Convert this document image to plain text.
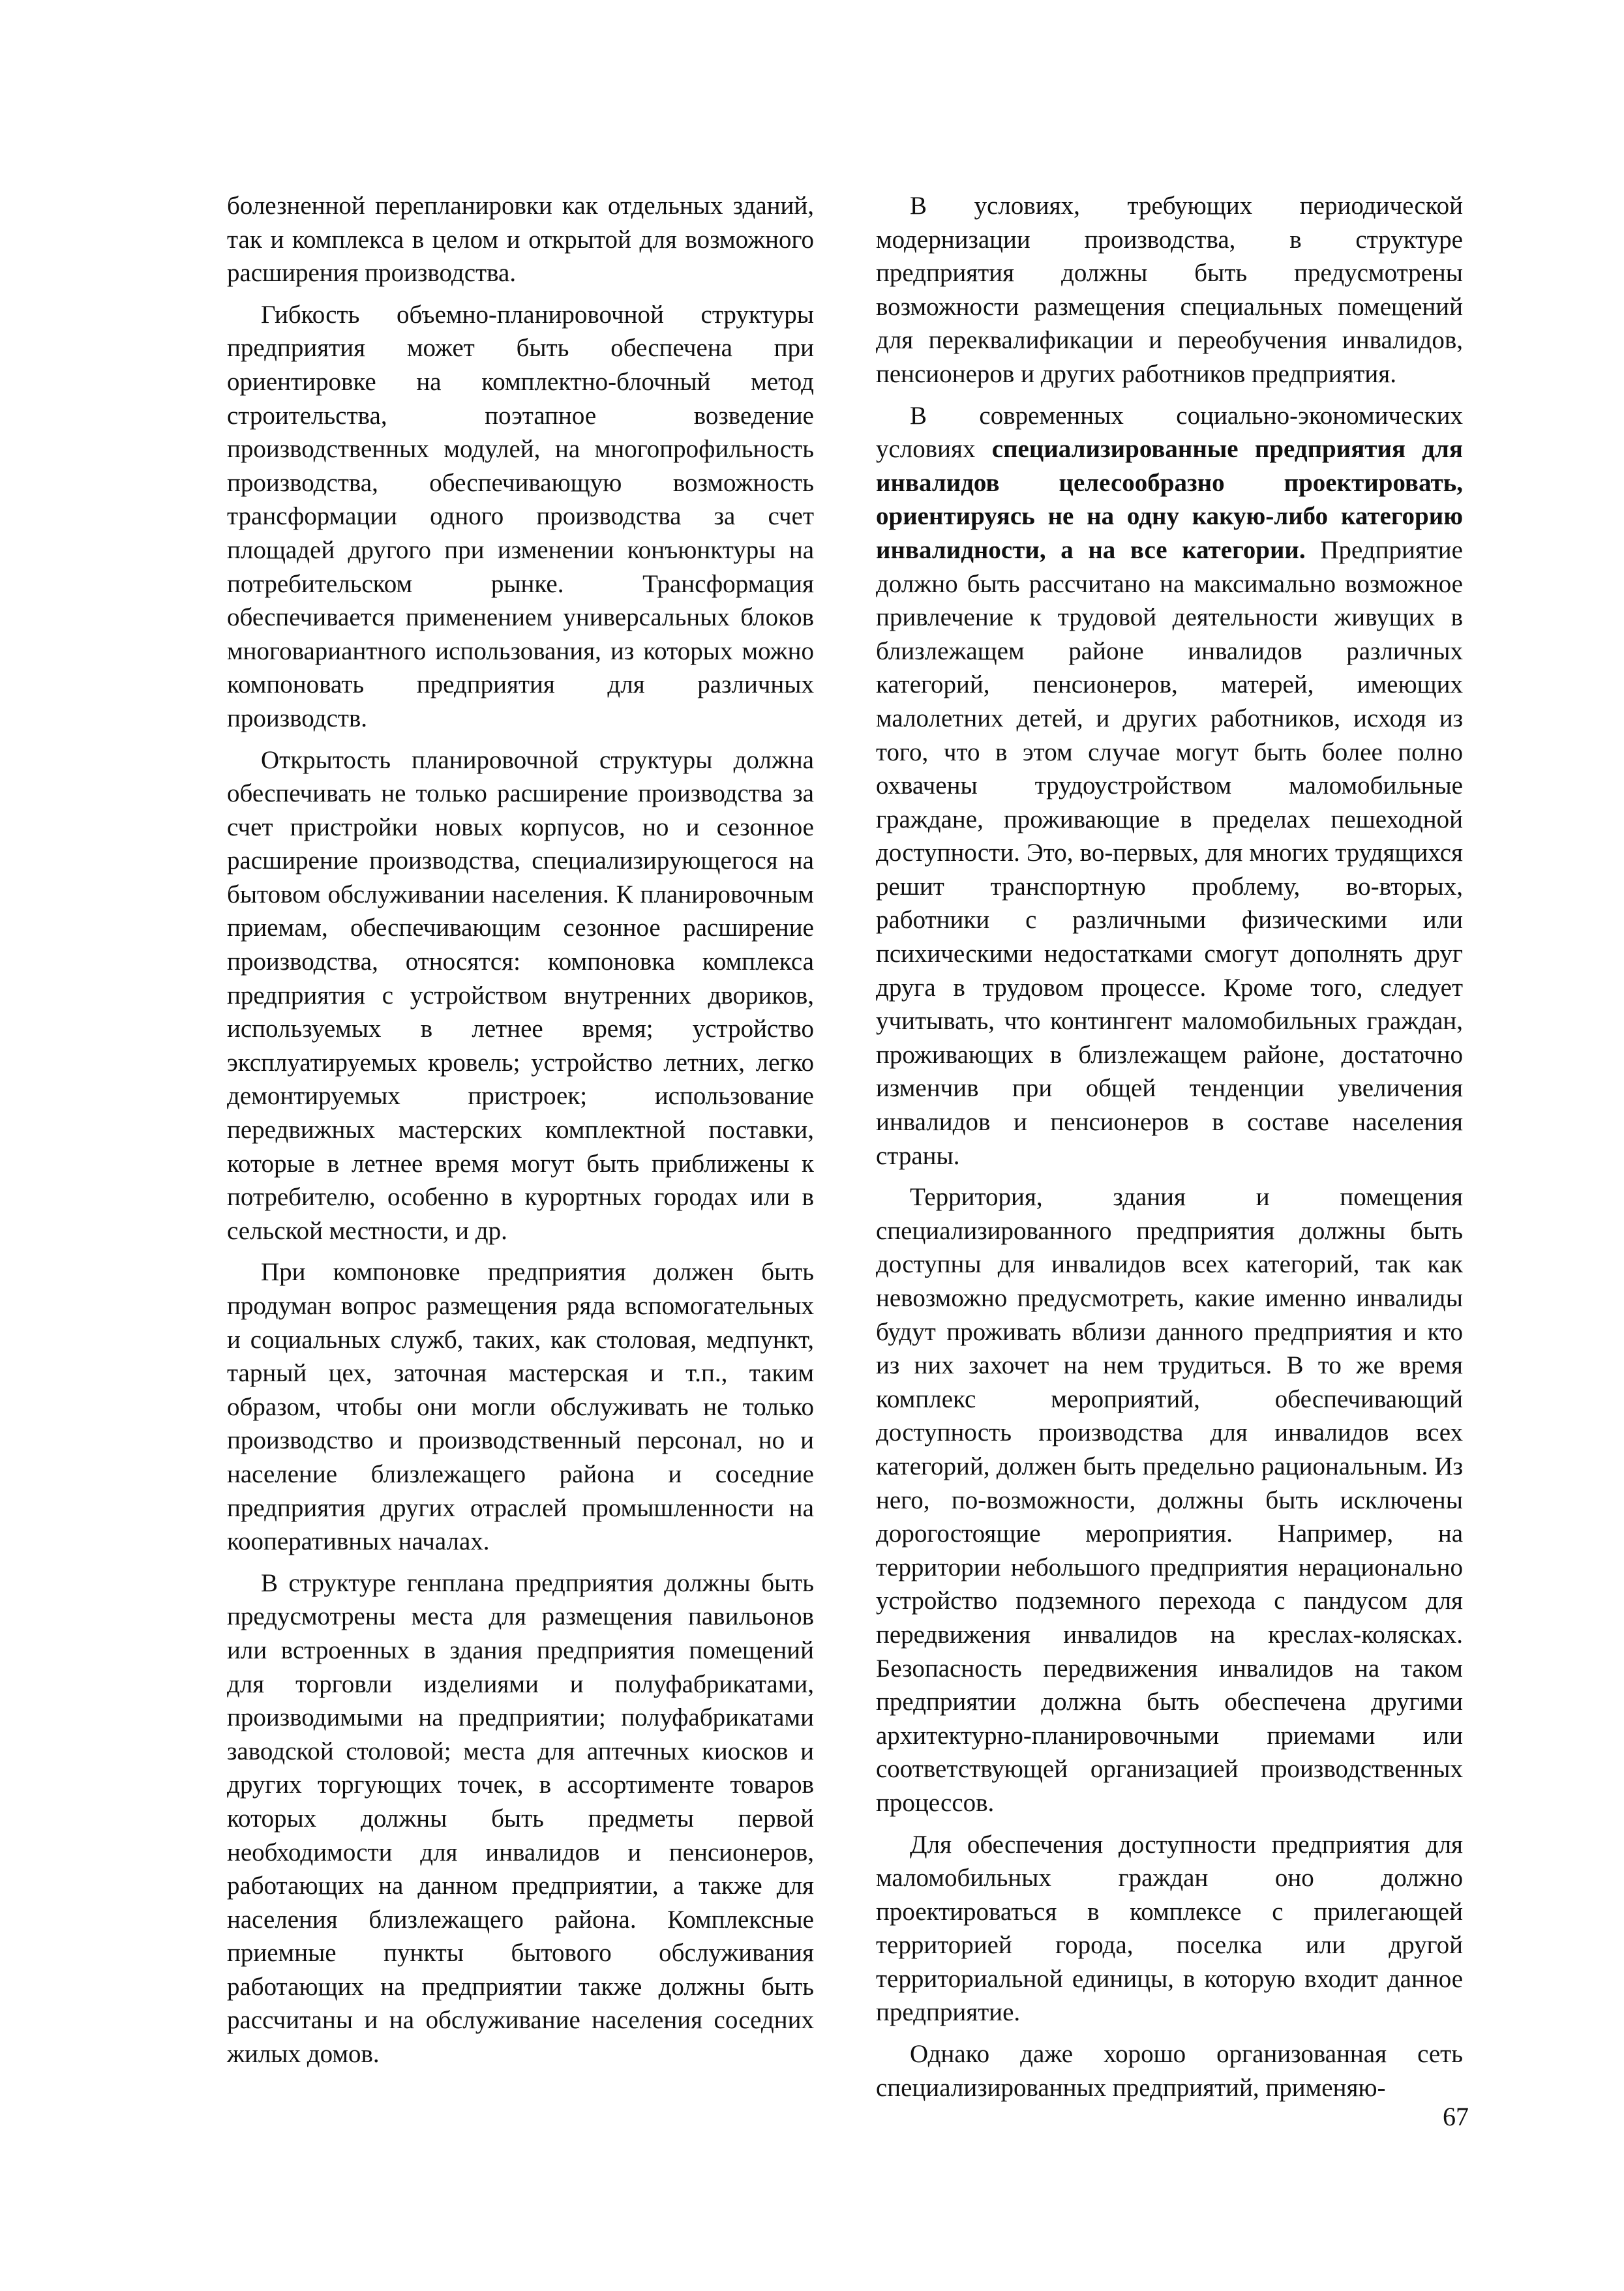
болезненной перепланировки как отдельных зданий, так и комплекса в целом и открытой для возможного расширения производства.

Гибкость объемно-планировочной структуры предприятия может быть обеспечена при ориентировке на комплектно-блочный метод строительства, поэтапное возведение производственных модулей, на многопрофильность производства, обеспечивающую возможность трансформации одного производства за счет площадей другого при изменении конъюнктуры на потребительском рынке. Трансформация обеспечивается применением универсальных блоков многовариантного использования, из которых можно компоновать предприятия для различных производств.

Открытость планировочной структуры должна обеспечивать не только расширение производства за счет пристройки новых корпусов, но и сезонное расширение производства, специализирующегося на бытовом обслуживании населения. К планировочным приемам, обеспечивающим сезонное расширение производства, относятся: компоновка комплекса предприятия с устройством внутренних двориков, используемых в летнее время; устройство эксплуатируемых кровель; устройство летних, легко демонтируемых пристроек; использование передвижных мастерских комплектной поставки, которые в летнее время могут быть приближены к потребителю, особенно в курортных городах или в сельской местности, и др.

При компоновке предприятия должен быть продуман вопрос размещения ряда вспомогательных и социальных служб, таких, как столовая, медпункт, тарный цех, заточная мастерская и т.п., таким образом, чтобы они могли обслуживать не только производство и производственный персонал, но и население близлежащего района и соседние предприятия других отраслей промышленности на кооперативных началах.

В структуре генплана предприятия должны быть предусмотрены места для размещения павильонов или встроенных в здания предприятия помещений для торговли изделиями и полуфабрикатами, производимыми на предприятии; полуфабрикатами заводской столовой; места для аптечных киосков и других торгующих точек, в ассортименте товаров которых должны быть предметы первой необходимости для инвалидов и пенсионеров, работающих на данном предприятии, а также для населения близлежащего района. Комплексные приемные пункты бытового обслуживания работающих на предприятии также должны быть рассчитаны и на обслуживание населения соседних жилых домов.

В условиях, требующих периодической модернизации производства, в структуре предприятия должны быть предусмотрены возможности размещения специальных помещений для переквалификации и переобучения инвалидов, пенсионеров и других работников предприятия.

В современных социально-экономических условиях специализированные предприятия для инвалидов целесообразно проектировать, ориентируясь не на одну какую-либо категорию инвалидности, а на все категории. Предприятие должно быть рассчитано на максимально возможное привлечение к трудовой деятельности живущих в близлежащем районе инвалидов различных категорий, пенсионеров, матерей, имеющих малолетних детей, и других работников, исходя из того, что в этом случае могут быть более полно охвачены трудоустройством маломобильные граждане, проживающие в пределах пешеходной доступности. Это, во-первых, для многих трудящихся решит транспортную проблему, во-вторых, работники с различными физическими или психическими недостатками смогут дополнять друг друга в трудовом процессе. Кроме того, следует учитывать, что контингент маломобильных граждан, проживающих в близлежащем районе, достаточно изменчив при общей тенденции увеличения инвалидов и пенсионеров в составе населения страны.

Территория, здания и помещения специализированного предприятия должны быть доступны для инвалидов всех категорий, так как невозможно предусмотреть, какие именно инвалиды будут проживать вблизи данного предприятия и кто из них захочет на нем трудиться. В то же время комплекс мероприятий, обеспечивающий доступность производства для инвалидов всех категорий, должен быть предельно рациональным. Из него, по-возможности, должны быть исключены дорогостоящие мероприятия. Например, на территории небольшого предприятия нерационально устройство подземного перехода с пандусом для передвижения инвалидов на креслах-колясках. Безопасность передвижения инвалидов на таком предприятии должна быть обеспечена другими архитектурно-планировочными приемами или соответствующей организацией производственных процессов.

Для обеспечения доступности предприятия для маломобильных граждан оно должно проектироваться в комплексе с прилегающей территорией города, поселка или другой территориальной единицы, в которую входит данное предприятие.

Однако даже хорошо организованная сеть специализированных предприятий, применяю-

67
